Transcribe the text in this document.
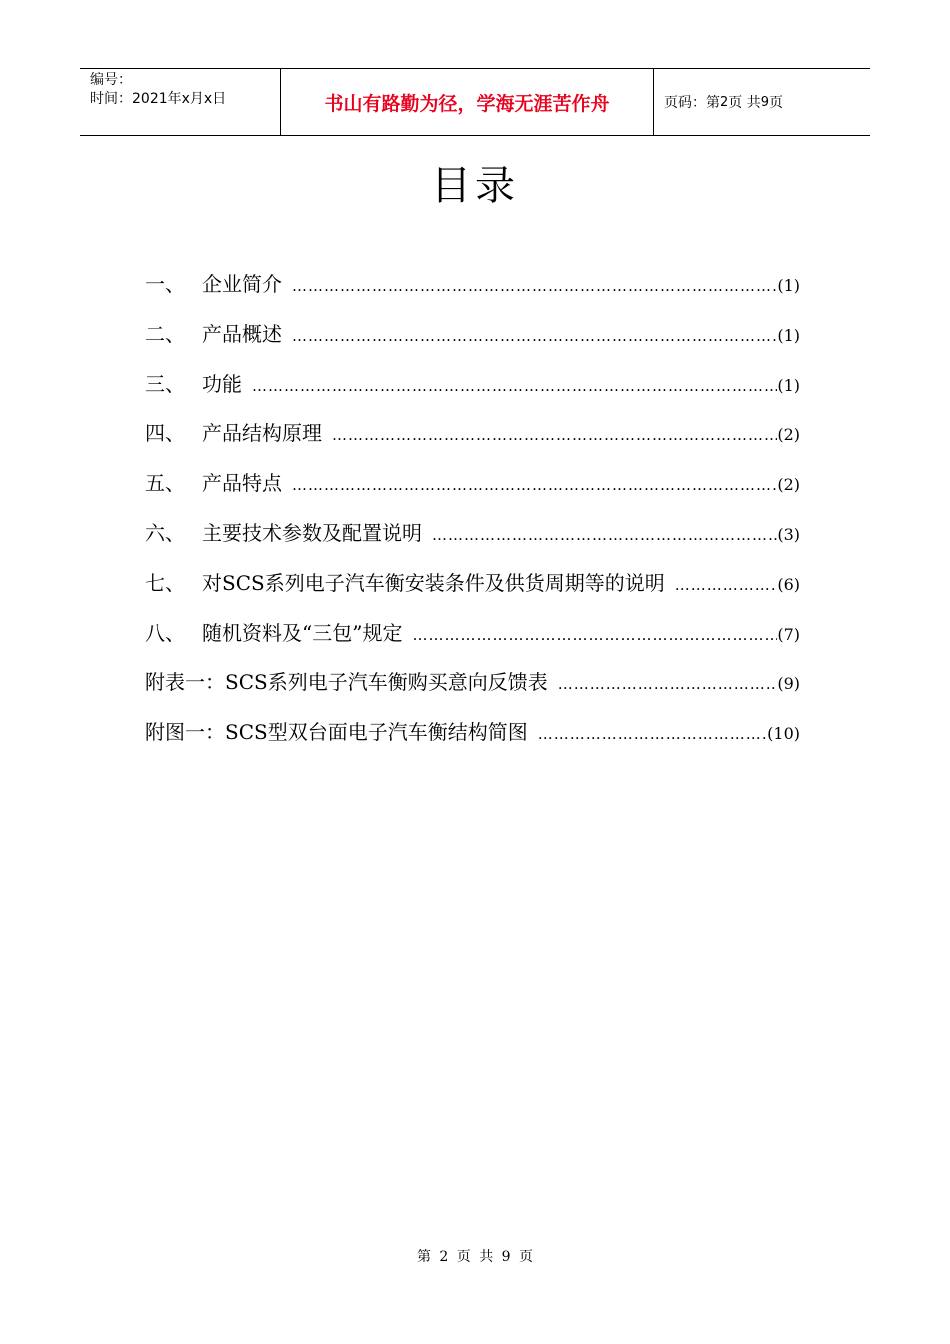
编号：
时间：2021年x月x日	书山有路勤为径，学海无涯苦作舟	页码：第 2 页 共 9 页
目录
一、 企业简介 ………………………………………………………………………………………………………………………………	(1)
二、 产品概述 ………………………………………………………………………………………………………………………………	(1)
三、 功能 ………………………………………………………………………………………………………………………………	(1)
四、 产品结构原理 ………………………………………………………………………………………………………………………………	(2)
五、 产品特点 ………………………………………………………………………………………………………………………………	(2)
六、 主要技术参数及配置说明 ………………………………………………………………………………………………………………………………	(3)
七、 对SCS系列电子汽车衡安装条件及供货周期等的说明 ………………………………………………………………………………………………………………………………	(6)
八、 随机资料及“三包”规定 ………………………………………………………………………………………………………………………………	(7)
附表一： SCS系列电子汽车衡购买意向反馈表 ………………………………………………………………………………………………………………………………	(9)
附图一： SCS型双台面电子汽车衡结构简图 ………………………………………………………………………………………………………………………………	(10)
第 2 页 共 9 页
